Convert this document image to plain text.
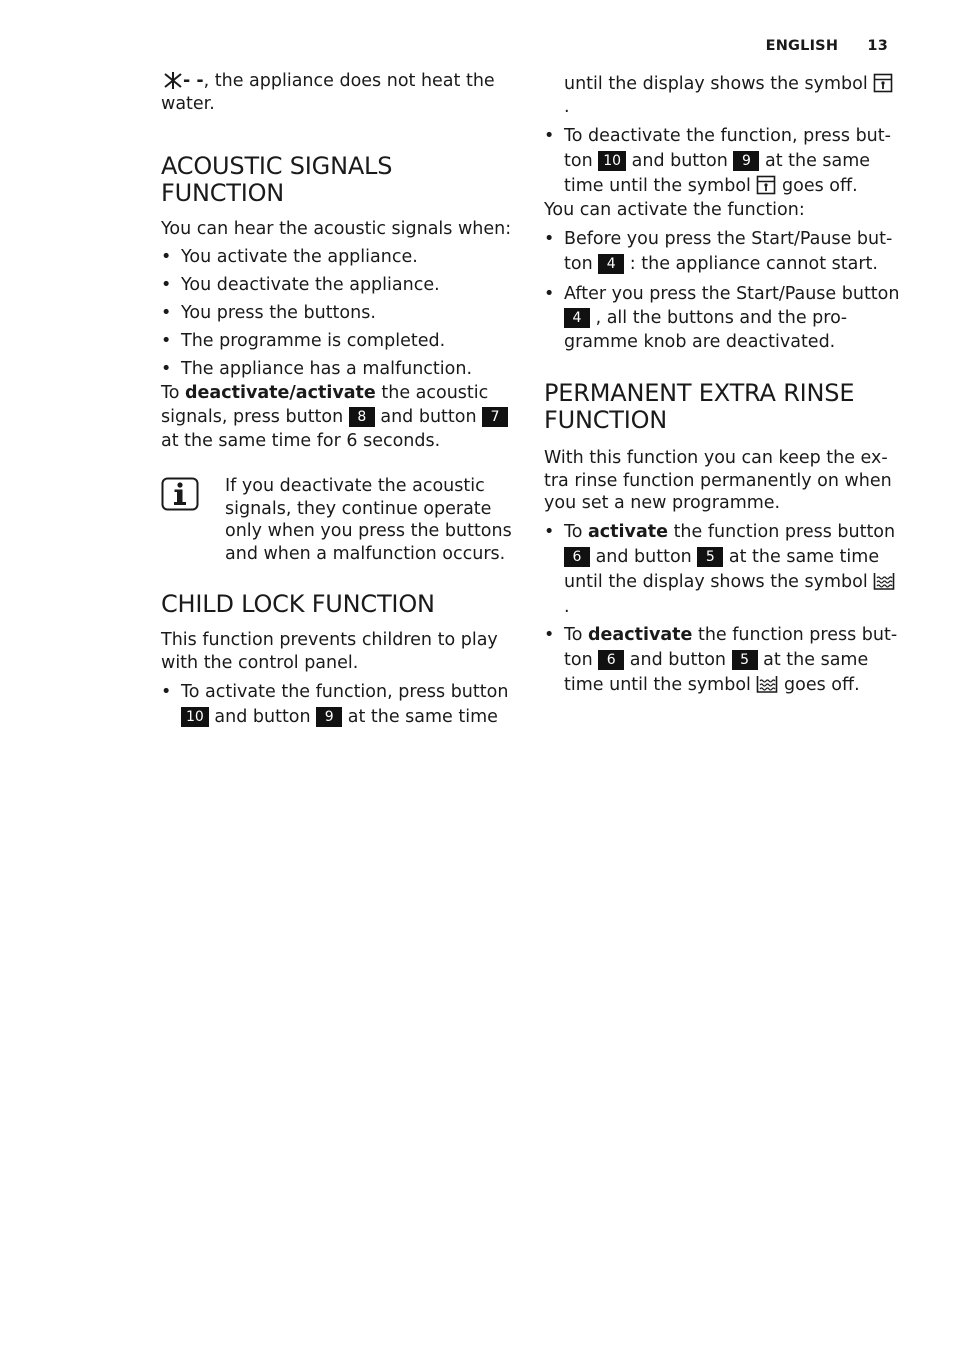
ENGLISH 13

- -, the appliance does not heat the water.

ACOUSTIC SIGNALS FUNCTION

You can hear the acoustic signals when:

• You activate the appliance.
• You deactivate the appliance.
• You press the buttons.
• The programme is completed.
• The appliance has a malfunction.

To deactivate/activate the acoustic signals, press button 8 and button 7 at the same time for 6 seconds.

If you deactivate the acoustic signals, they continue operate only when you press the buttons and when a malfunction occurs.

CHILD LOCK FUNCTION

This function prevents children to play with the control panel.

• To activate the function, press button 10 and button 9 at the same time
until the display shows the symbol
.
• To deactivate the function, press button 10 and button 9 at the same time until the symbol  goes off.

You can activate the function:

• Before you press the Start/Pause button 4 : the appliance cannot start.
• After you press the Start/Pause button 4 , all the buttons and the programme knob are deactivated.
PERMANENT EXTRA RINSE FUNCTION

With this function you can keep the extra rinse function permanently on when you set a new programme.

• To activate the function press button 6 and button 5 at the same time until the display shows the symbol
.
• To deactivate the function press button 6 and button 5 at the same time until the symbol  goes off.
